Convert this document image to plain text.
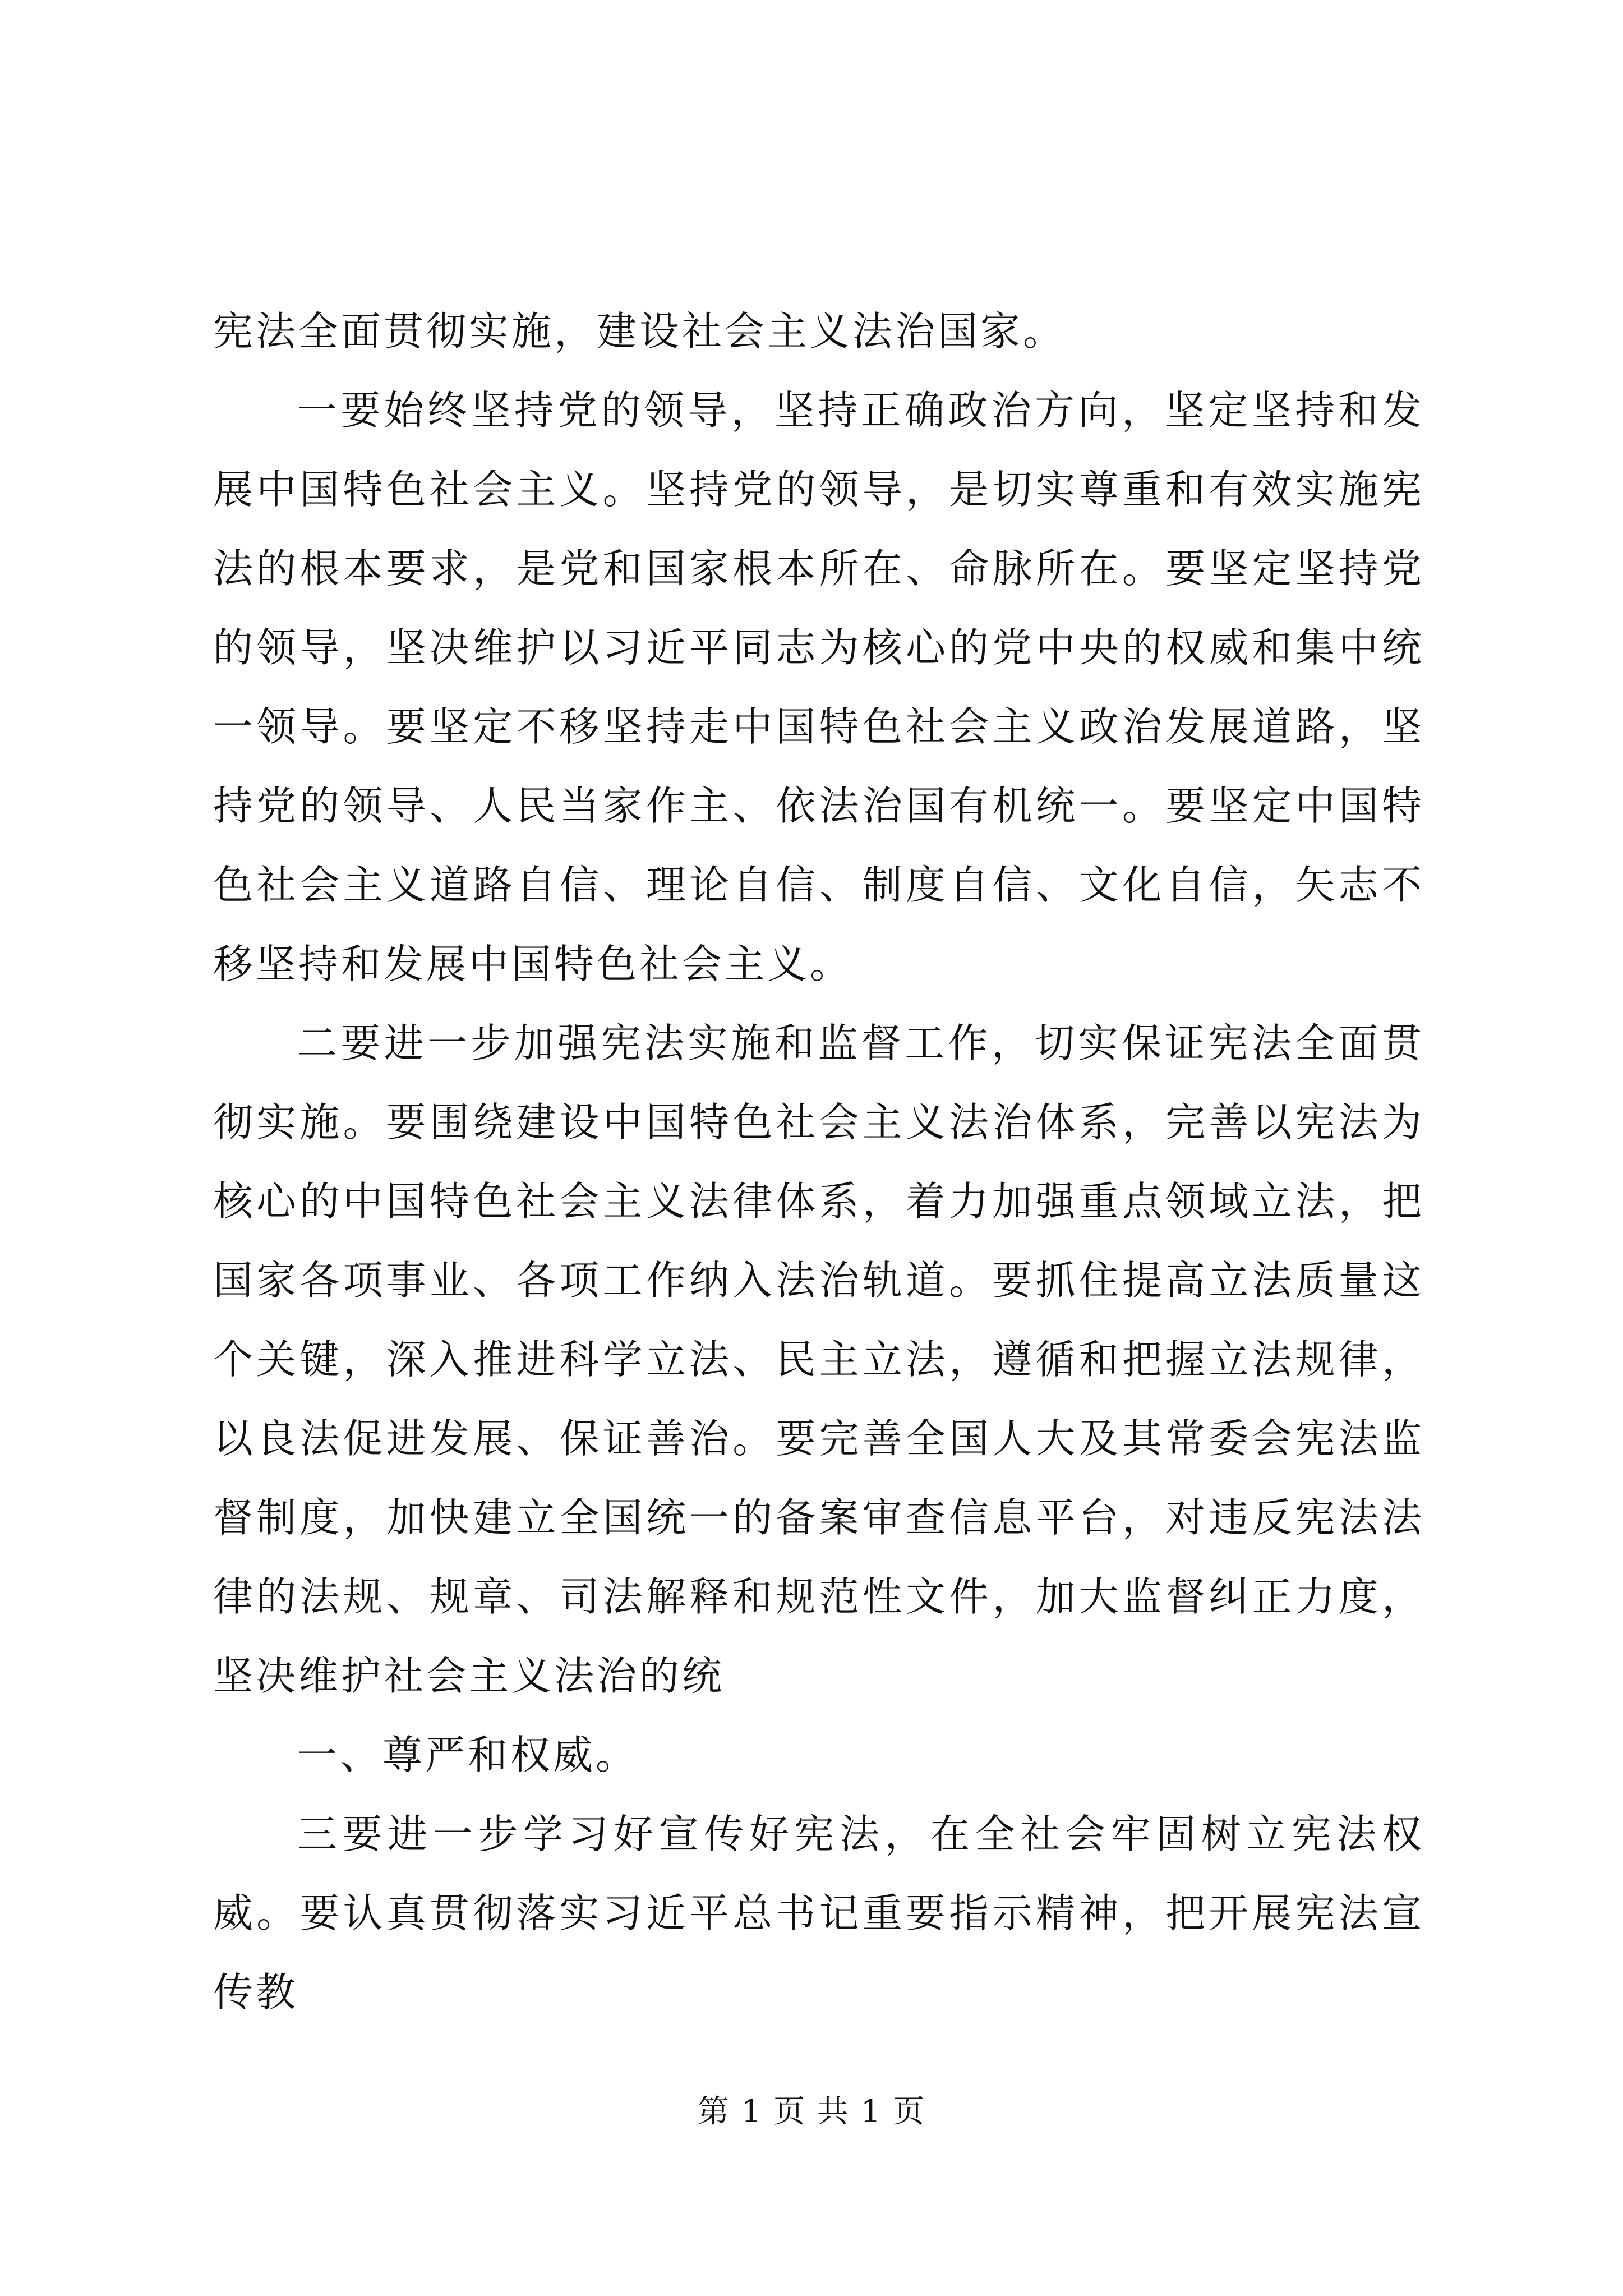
宪法全面贯彻实施，建设社会主义法治国家。

一要始终坚持党的领导，坚持正确政治方向，坚定坚持和发展中国特色社会主义。坚持党的领导，是切实尊重和有效实施宪法的根本要求，是党和国家根本所在、命脉所在。要坚定坚持党的领导，坚决维护以习近平同志为核心的党中央的权威和集中统一领导。要坚定不移坚持走中国特色社会主义政治发展道路，坚持党的领导、人民当家作主、依法治国有机统一。要坚定中国特色社会主义道路自信、理论自信、制度自信、文化自信，矢志不移坚持和发展中国特色社会主义。

二要进一步加强宪法实施和监督工作，切实保证宪法全面贯彻实施。要围绕建设中国特色社会主义法治体系，完善以宪法为核心的中国特色社会主义法律体系，着力加强重点领域立法，把国家各项事业、各项工作纳入法治轨道。要抓住提高立法质量这个关键，深入推进科学立法、民主立法，遵循和把握立法规律，以良法促进发展、保证善治。要完善全国人大及其常委会宪法监督制度，加快建立全国统一的备案审查信息平台，对违反宪法法律的法规、规章、司法解释和规范性文件，加大监督纠正力度，坚决维护社会主义法治的统

一、尊严和权威。

三要进一步学习好宣传好宪法，在全社会牢固树立宪法权威。要认真贯彻落实习近平总书记重要指示精神，把开展宪法宣传教

第 1 页 共 1 页
